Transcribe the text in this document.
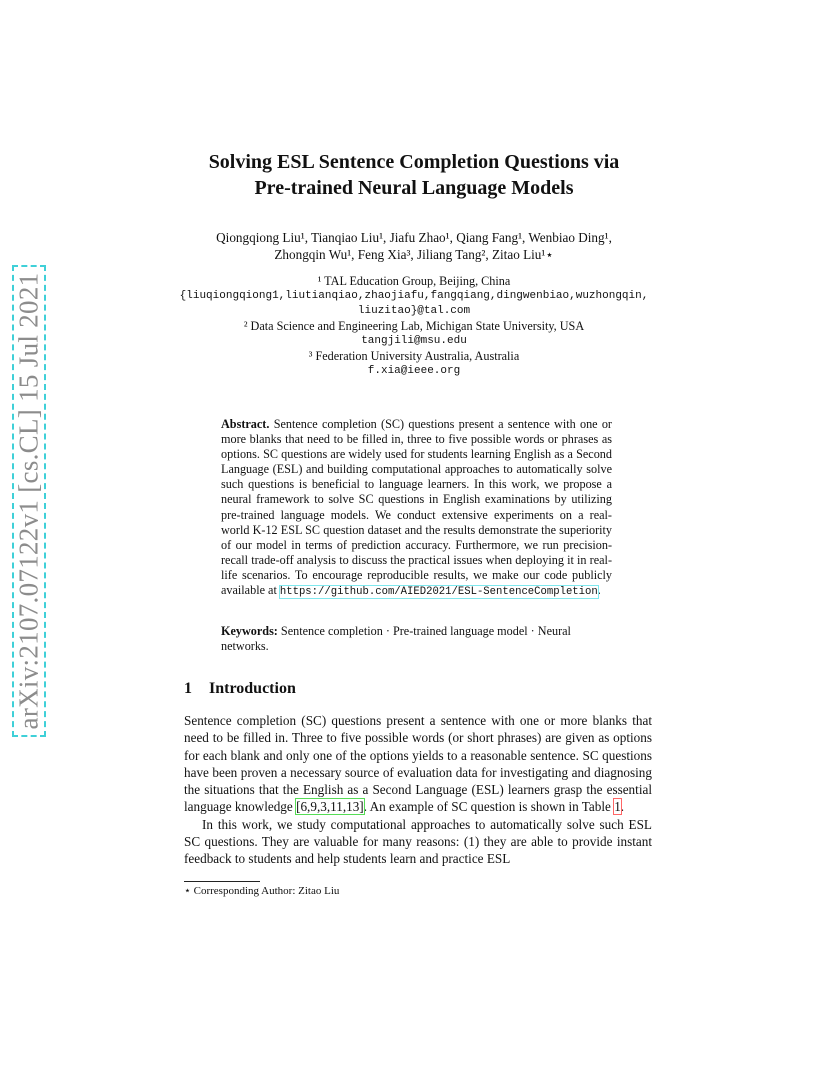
arXiv:2107.07122v1 [cs.CL] 15 Jul 2021
Solving ESL Sentence Completion Questions via
Pre-trained Neural Language Models
Qiongqiong Liu¹, Tianqiao Liu¹, Jiafu Zhao¹, Qiang Fang¹, Wenbiao Ding¹,
Zhongqin Wu¹, Feng Xia³, Jiliang Tang², Zitao Liu¹⋆
¹ TAL Education Group, Beijing, China
{liuqiongqiong1,liutianqiao,zhaojiafu,fangqiang,dingwenbiao,wuzhongqin,
liuzitao}@tal.com
² Data Science and Engineering Lab, Michigan State University, USA
tangjili@msu.edu
³ Federation University Australia, Australia
f.xia@ieee.org
Abstract. Sentence completion (SC) questions present a sentence with one or more blanks that need to be filled in, three to five possible words or phrases as options. SC questions are widely used for students learning English as a Second Language (ESL) and building computational approaches to automatically solve such questions is beneficial to language learners. In this work, we propose a neural framework to solve SC questions in English examinations by utilizing pre-trained language models. We conduct extensive experiments on a real-world K-12 ESL SC question dataset and the results demonstrate the superiority of our model in terms of prediction accuracy. Furthermore, we run precision-recall trade-off analysis to discuss the practical issues when deploying it in real-life scenarios. To encourage reproducible results, we make our code publicly available at https://github.com/AIED2021/ESL-SentenceCompletion.
Keywords: Sentence completion · Pre-trained language model · Neural networks.
1 Introduction

Sentence completion (SC) questions present a sentence with one or more blanks that need to be filled in. Three to five possible words (or short phrases) are given as options for each blank and only one of the options yields to a reasonable sentence. SC questions have been proven a necessary source of evaluation data for investigating and diagnosing the situations that the English as a Second Language (ESL) learners grasp the essential language knowledge [6,9,3,11,13]. An example of SC question is shown in Table 1.

In this work, we study computational approaches to automatically solve such ESL SC questions. They are valuable for many reasons: (1) they are able to provide instant feedback to students and help students learn and practice ESL

⋆ Corresponding Author: Zitao Liu
